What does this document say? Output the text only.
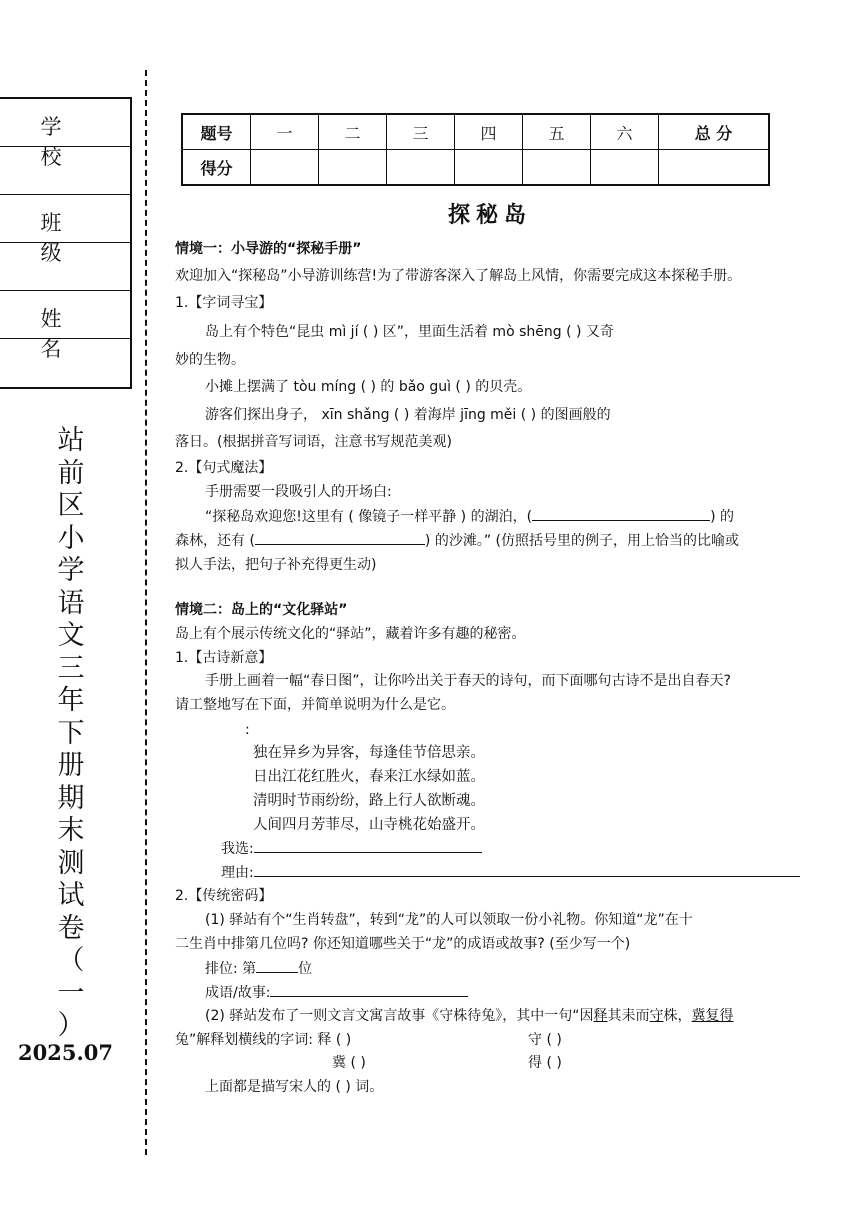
学 校
班 级
姓 名
站
前
区
小
学
语
文
三
年
下
册
期
末
测
试
卷
（
一
）
2025.07
题号	一	二	三	四	五	六	总 分
得分							
探秘岛
情境一：小导游的“探秘手册”
欢迎加入“探秘岛”小导游训练营!为了带游客深入了解岛上风情，你需要完成这本探秘手册。
1.【字词寻宝】
岛上有个特色“昆虫 mì jí ( ) 区”，里面生活着 mò shēng ( ) 又奇
妙的生物。
小摊上摆满了 tòu míng ( ) 的 bǎo guì ( ) 的贝壳。
游客们探出身子， xīn shǎng ( ) 着海岸 jīng měi ( ) 的图画般的
落日。(根据拼音写词语，注意书写规范美观)
2.【句式魔法】
手册需要一段吸引人的开场白:
“探秘岛欢迎您!这里有 ( 像镜子一样平静 ) 的湖泊，(	) 的
森林，还有 (	) 的沙滩。” (仿照括号里的例子，用上恰当的比喻或
拟人手法，把句子补充得更生动)
情境二：岛上的“文化驿站”
岛上有个展示传统文化的“驿站”，藏着许多有趣的秘密。
1.【古诗新意】
手册上画着一幅“春日图”，让你吟出关于春天的诗句，而下面哪句古诗不是出自春天?
请工整地写在下面，并简单说明为什么是它。
:
独在异乡为异客，每逢佳节倍思亲。
日出江花红胜火，春来江水绿如蓝。
清明时节雨纷纷，路上行人欲断魂。
人间四月芳菲尽，山寺桃花始盛开。
我选:
理由:
2.【传统密码】
(1) 驿站有个“生肖转盘”，转到“龙”的人可以领取一份小礼物。你知道“龙”在十
二生肖中排第几位吗? 你还知道哪些关于“龙”的成语或故事? (至少写一个)
排位: 第	位
成语/故事:
(2) 驿站发布了一则文言文寓言故事《守株待兔》，其中一句“因释其耒而守株，冀复得
兔”解释划横线的字词: 释 ( )	守 ( )
冀 ( )	得 ( )
上面都是描写宋人的 ( ) 词。
